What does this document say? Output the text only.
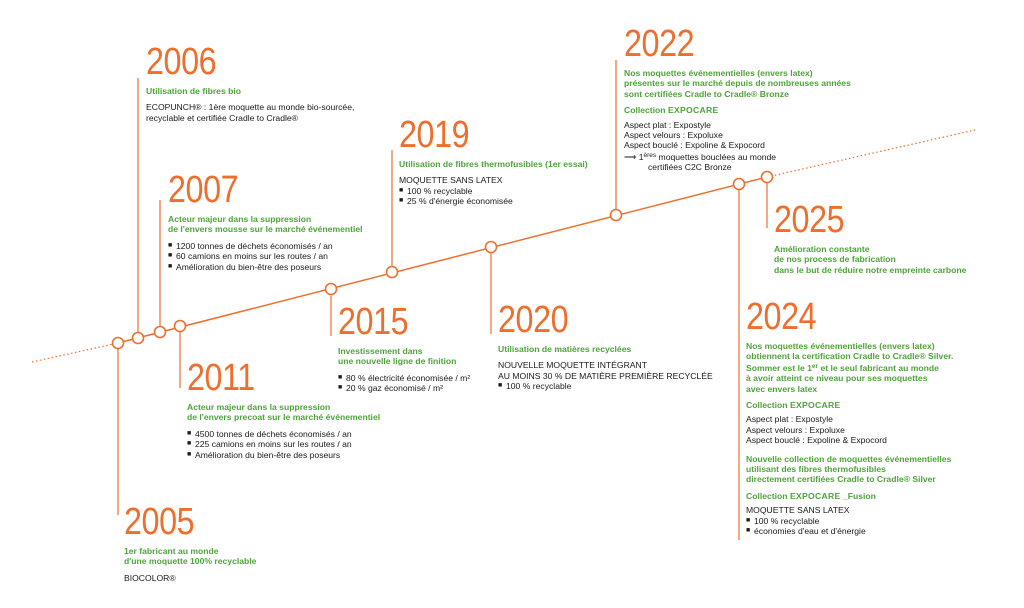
2006
Utilisation de fibres bio
ECOPUNCH® : 1ère moquette au monde bio-sourcée,
recyclable et certifiée Cradle to Cradle®
2007
Acteur majeur dans la suppression
de l'envers mousse sur le marché événementiel
■ 1200 tonnes de déchets économisés / an
■ 60 camions en moins sur les routes / an
■ Amélioration du bien-être des poseurs
2011
Acteur majeur dans la suppression
de l'envers precoat sur le marché événementiel
■ 4500 tonnes de déchets économisés / an
■ 225 camions en moins sur les routes / an
■ Amélioration du bien-être des poseurs
2005
1er fabricant au monde
d'une moquette 100% recyclable
BIOCOLOR®
2015
Investissement dans
une nouvelle ligne de finition
■ 80 % électricité économisée / m²
■ 20 % gaz économisé / m²
2019
Utilisation de fibres thermofusibles (1er essai)
MOQUETTE SANS LATEX
■ 100 % recyclable
■ 25 % d'énergie économisée
2020
Utilisation de matières recyclées
NOUVELLE MOQUETTE INTÉGRANT
AU MOINS 30 % DE MATIÈRE PREMIÈRE RECYCLÉE
■ 100 % recyclable
2022
Nos moquettes événementielles (envers latex)
présentes sur le marché depuis de nombreuses années
sont certifiées Cradle to Cradle® Bronze
Collection EXPOCARE
Aspect plat : Expostyle
Aspect velours : Expoluxe
Aspect bouclé : Expoline & Expocord
⟶ 1ères moquettes bouclées au monde
certifiées C2C Bronze
2025
Amélioration constante
de nos process de fabrication
dans le but de réduire notre empreinte carbone
2024
Nos moquettes événementielles (envers latex)
obtiennent la certification Cradle to Cradle® Silver.
Sommer est le 1er et le seul fabricant au monde
à avoir atteint ce niveau pour ses moquettes
avec envers latex
Collection EXPOCARE
Aspect plat : Expostyle
Aspect velours : Expoluxe
Aspect bouclé : Expoline & Expocord
Nouvelle collection de moquettes événementielles
utilisant des fibres thermofusibles
directement certifiées Cradle to Cradle® Silver
Collection EXPOCARE _Fusion
MOQUETTE SANS LATEX
■ 100 % recyclable
■ économies d'eau et d'énergie
